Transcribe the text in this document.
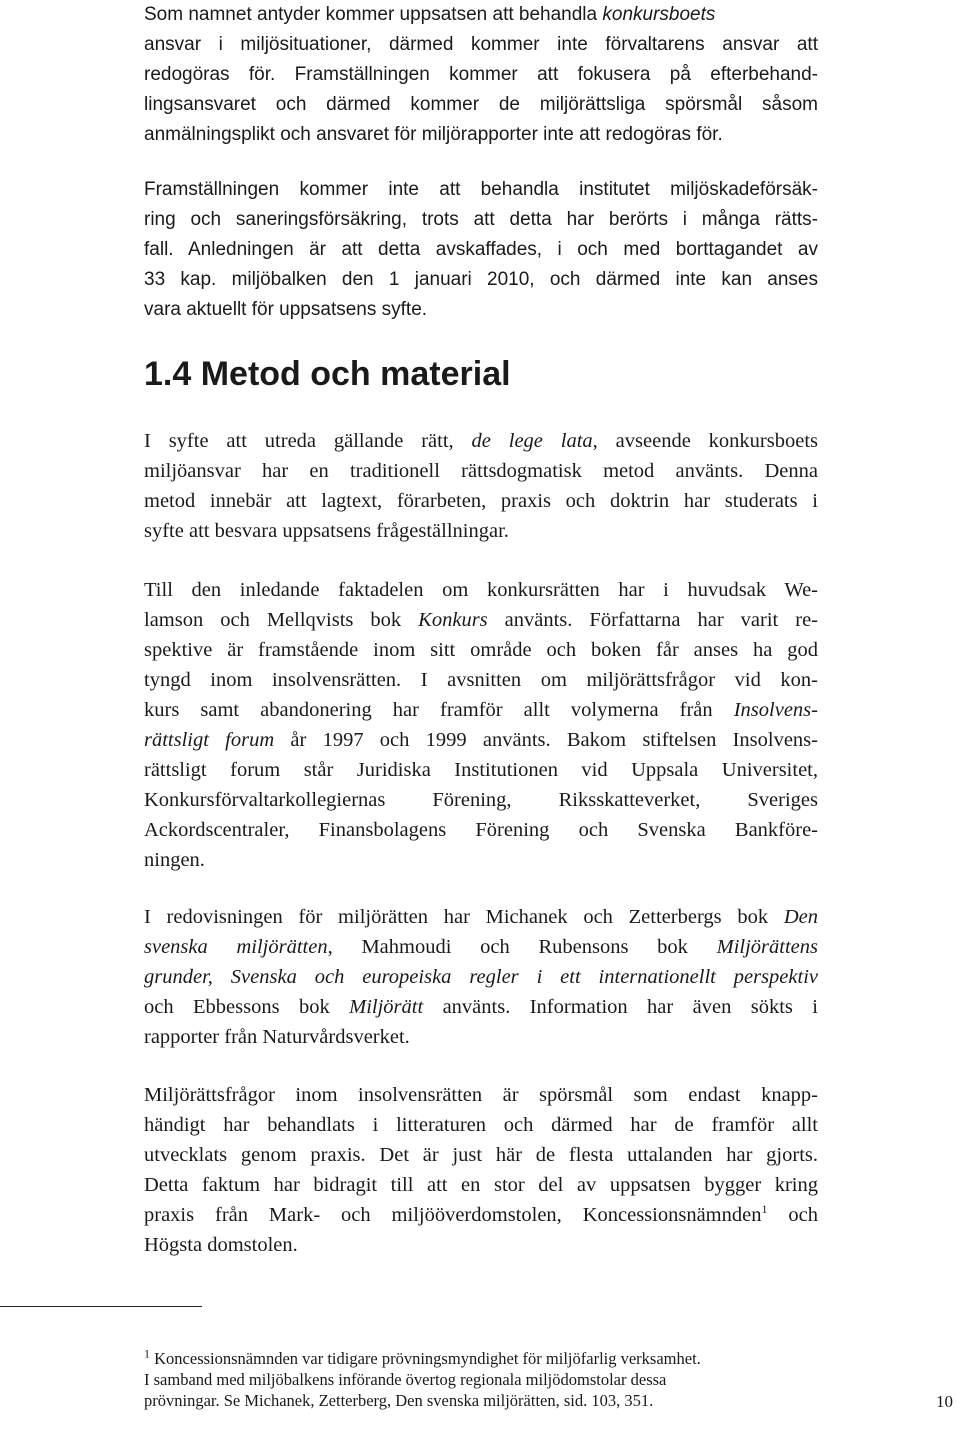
Som namnet antyder kommer uppsatsen att behandla konkursboets
ansvar i miljösituationer, därmed kommer inte förvaltarens ansvar att
redogöras för. Framställningen kommer att fokusera på efterbehand-
lingsansvaret och därmed kommer de miljörättsliga spörsmål såsom
anmälningsplikt och ansvaret för miljörapporter inte att redogöras för.

Framställningen kommer inte att behandla institutet miljöskadeförsäk-
ring och saneringsförsäkring, trots att detta har berörts i många rätts-
fall. Anledningen är att detta avskaffades, i och med borttagandet av
33 kap. miljöbalken den 1 januari 2010, och därmed inte kan anses
vara aktuellt för uppsatsens syfte.

1.4 Metod och material

I syfte att utreda gällande rätt, de lege lata, avseende konkursboets
miljöansvar har en traditionell rättsdogmatisk metod använts. Denna
metod innebär att lagtext, förarbeten, praxis och doktrin har studerats i
syfte att besvara uppsatsens frågeställningar.

Till den inledande faktadelen om konkursrätten har i huvudsak We-
lamson och Mellqvists bok Konkurs använts. Författarna har varit re-
spektive är framstående inom sitt område och boken får anses ha god
tyngd inom insolvensrätten. I avsnitten om miljörättsfrågor vid kon-
kurs samt abandonering har framför allt volymerna från Insolvens-
rättsligt forum år 1997 och 1999 använts. Bakom stiftelsen Insolvens-
rättsligt forum står Juridiska Institutionen vid Uppsala Universitet,
Konkursförvaltarkollegiernas Förening, Riksskatteverket, Sveriges
Ackordscentraler, Finansbolagens Förening och Svenska Bankföre-
ningen.

I redovisningen för miljörätten har Michanek och Zetterbergs bok Den
svenska miljörätten, Mahmoudi och Rubensons bok Miljörättens
grunder, Svenska och europeiska regler i ett internationellt perspektiv
och Ebbessons bok Miljörätt använts. Information har även sökts i
rapporter från Naturvårdsverket.

Miljörättsfrågor inom insolvensrätten är spörsmål som endast knapp-
händigt har behandlats i litteraturen och därmed har de framför allt
utvecklats genom praxis. Det är just här de flesta uttalanden har gjorts.
Detta faktum har bidragit till att en stor del av uppsatsen bygger kring
praxis från Mark- och miljööverdomstolen, Koncessionsnämnden$^1$ och
Högsta domstolen.

$^1$ Koncessionsnämnden var tidigare prövningsmyndighet för miljöfarlig verksamhet.
I samband med miljöbalkens införande övertog regionala miljödomstolar dessa
prövningar. Se Michanek, Zetterberg, Den svenska miljörätten, sid. 103, 351.	10
